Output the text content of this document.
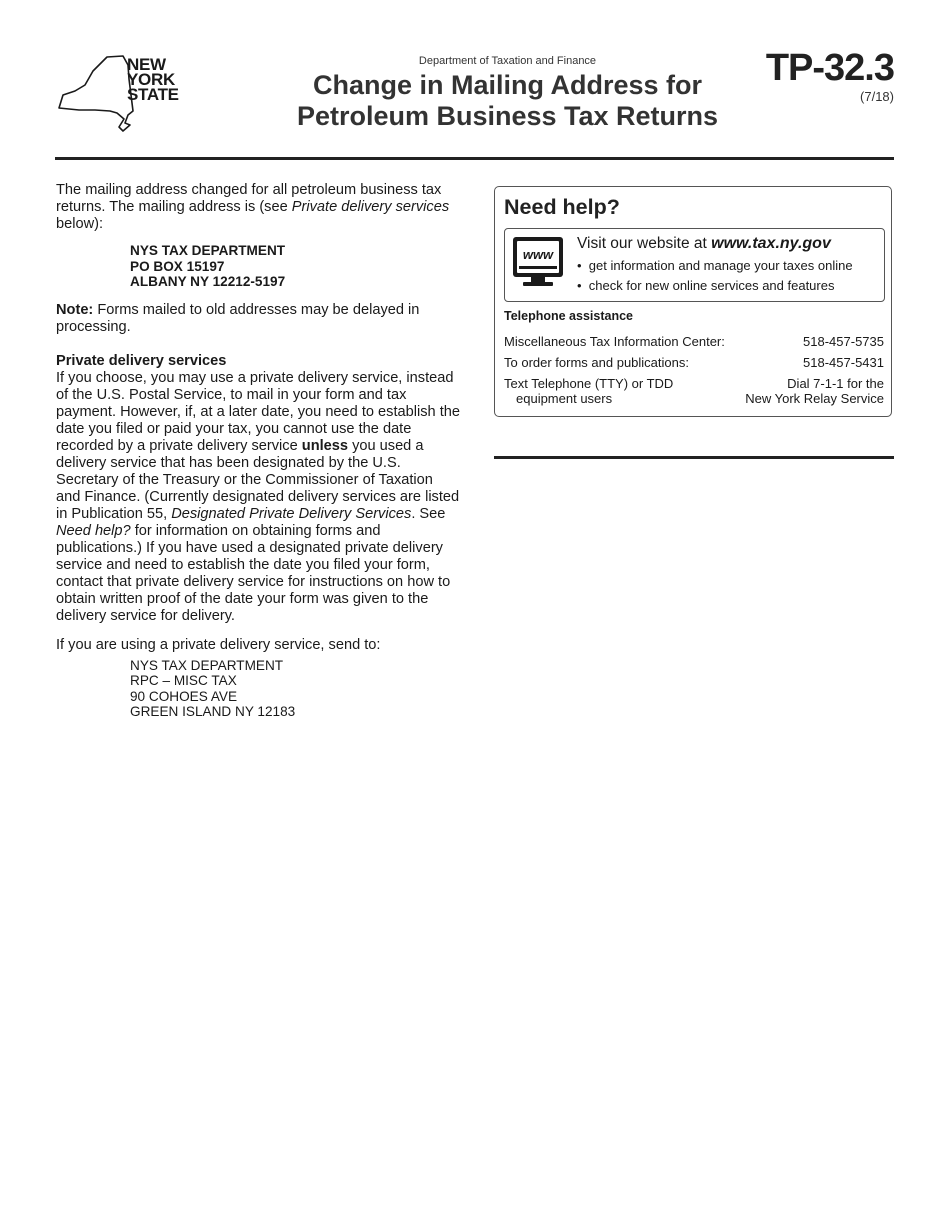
NEW
YORK
STATE
Department of Taxation and Finance
Change in Mailing Address for
Petroleum Business Tax Returns
TP-32.3
(7/18)

The mailing address changed for all petroleum business tax returns. The mailing address is (see Private delivery services below):

NYS TAX DEPARTMENT
PO BOX 15197
ALBANY NY 12212-5197

Note: Forms mailed to old addresses may be delayed in processing.

Private delivery services

If you choose, you may use a private delivery service, instead of the U.S. Postal Service, to mail in your form and tax payment. However, if, at a later date, you need to establish the date you filed or paid your tax, you cannot use the date recorded by a private delivery service unless you used a delivery service that has been designated by the U.S. Secretary of the Treasury or the Commissioner of Taxation and Finance. (Currently designated delivery services are listed in Publication 55, Designated Private Delivery Services. See Need help? for information on obtaining forms and publications.) If you have used a designated private delivery service and need to establish the date you filed your form, contact that private delivery service for instructions on how to obtain written proof of the date your form was given to the delivery service for delivery.

If you are using a private delivery service, send to:

NYS TAX DEPARTMENT
RPC – MISC TAX
90 COHOES AVE
GREEN ISLAND NY 12183
Need help?
www
Visit our website at www.tax.ny.gov
•  get information and manage your taxes online
•  check for new online services and features
Telephone assistance
Miscellaneous Tax Information Center:	518-457-5735
To order forms and publications:	518-457-5431
Text Telephone (TTY) or TDD
equipment users
Dial 7-1-1 for the
New York Relay Service
